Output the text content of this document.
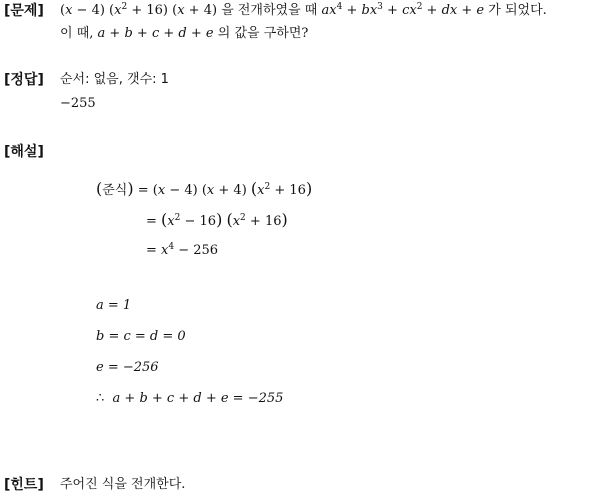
[문제] (x − 4) $(x^2 + 16) (x + 4)$ 을 전개하였을 때 $ax^4 + bx^3 + cx^2$ + dx + e 가 되었다.
이 때, a + b + c + d + e 의 값을 구하면?
[정답] 순서: 없음, 갯수: 1
−255
[해설]
(준식) = (x − 4) (x + 4) $(x^2 + 16)$
= $(x^2 - 16) (x^2 + 16)$
= $x^4 - 256$
a = 1
b = c = d = 0
e = −256
∴ a + b + c + d + e = −255
[힌트] 주어진 식을 전개한다.
